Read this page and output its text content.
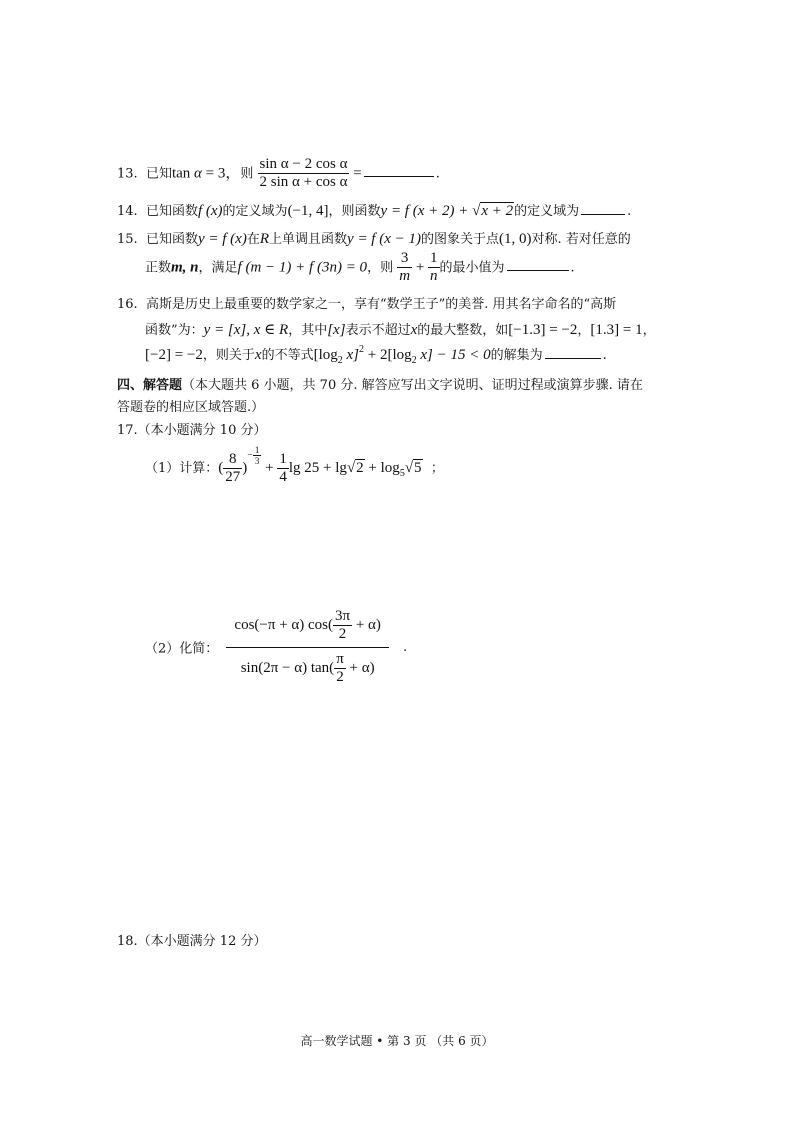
13. 已知tan α = 3，则 $\frac{\text{sin α − 2 cos α}}{\text{2 sin α + cos α}}$ =	.
14. 已知函数f (x)的定义域为(−1, 4]，则函数y = f (x + 2) + √x + 2的定义域为	.
15. 已知函数y = f (x)在R上单调且函数y = f (x − 1)的图象关于点(1, 0)对称. 若对任意的
正数m, n，满足f (m − 1) + f (3n) = 0，则 $\frac{3}{m} + \frac{1}{n}$ 的最小值为	.
16. 高斯是历史上最重要的数学家之一，享有“数学王子”的美誉. 用其名字命名的“高斯
函数”为：y = [x], x ∈ R，其中[x]表示不超过x的最大整数，如[−1.3] = −2，[1.3] = 1，
[−2] = −2，则关于x的不等式[$\log_2$ $x]^2 + 2[\log_2$ x] − 15 < 0的解集为	.
四、解答题（本大题共 6 小题，共 70 分. 解答应写出文字说明、证明过程或演算步骤. 请在
答题卷的相应区域答题.）
17.（本小题满分 10 分）
（1）计算：( $\frac{8}{27} )^{- \frac{1}{3}}$
+ $\frac{1}{4}$ $\lg 25 + \lg√2 + \log_5√5$ ；
（2）化简： $\frac{\cos(-\pi + \alpha) \cos( \frac{3\pi}{2} + \alpha)}{\sin(2\pi - \alpha) \tan( \frac{\pi}{2} + \alpha)}$ .
18.（本小题满分 12 分）
高一数学试题 • 第 3 页 （共 6 页）
